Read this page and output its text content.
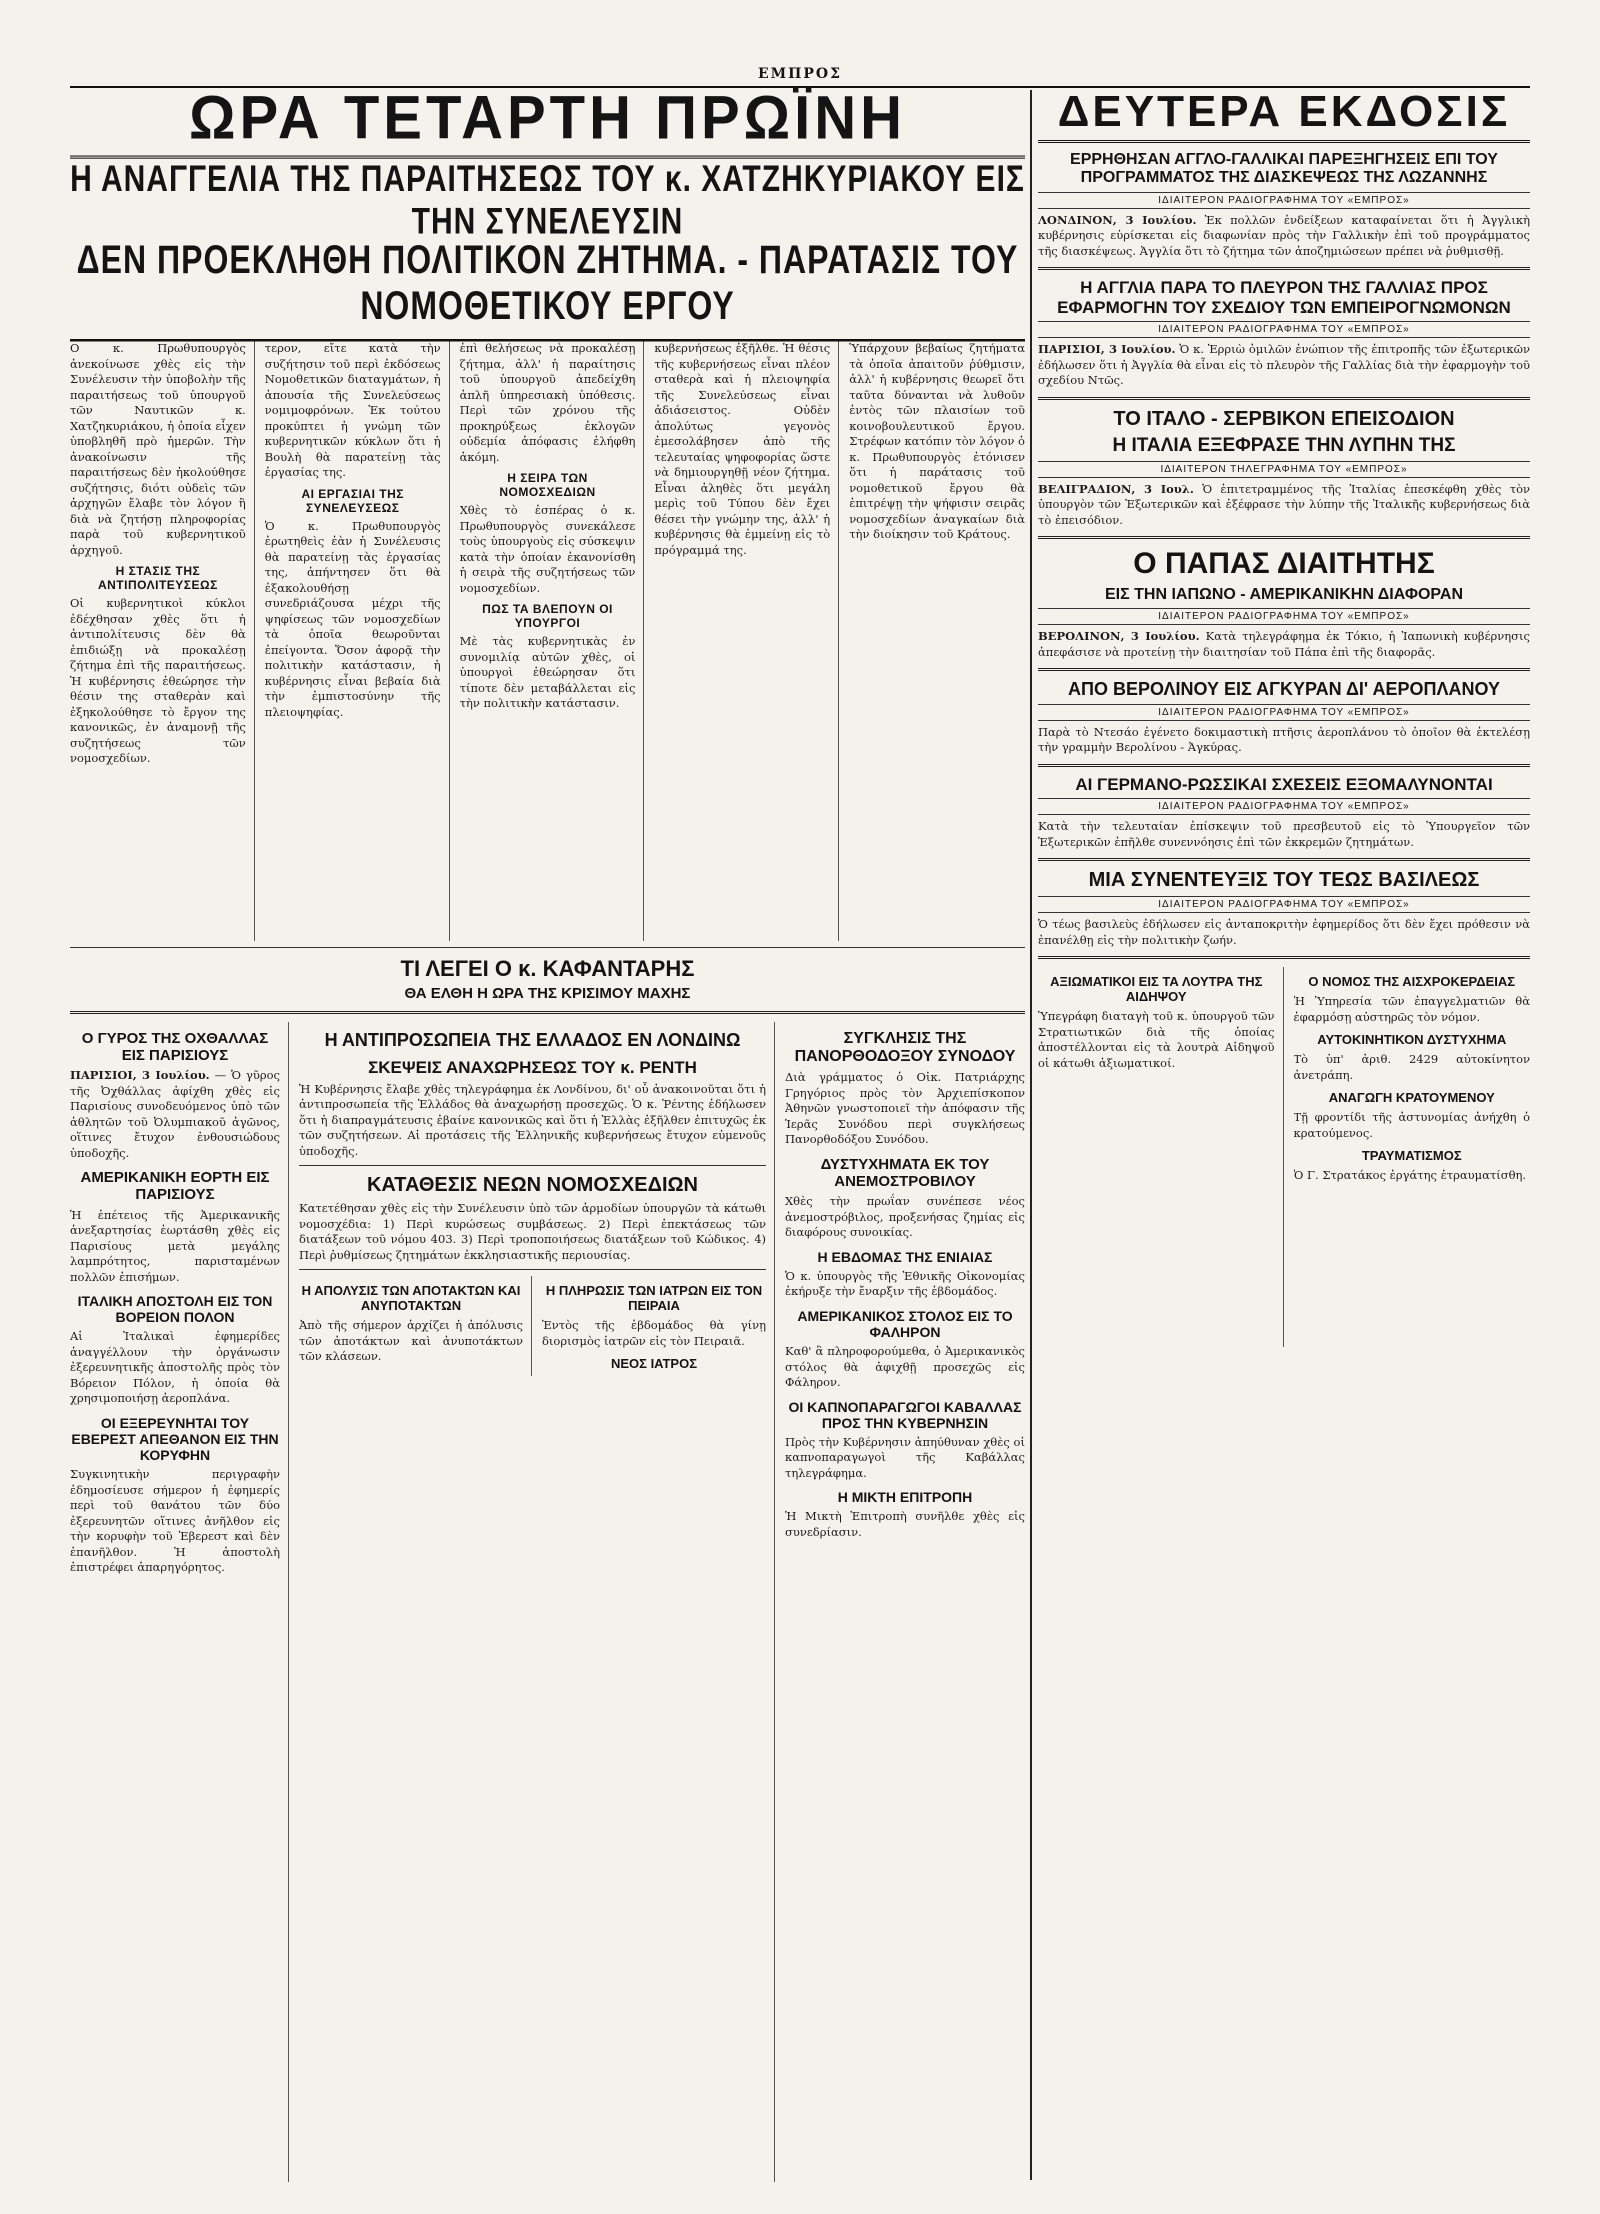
ΕΜΠΡΟΣ
ΩΡΑ ΤΕΤΑΡΤΗ ΠΡΩΪΝΗ
Η ΑΝΑΓΓΕΛΙΑ ΤΗΣ ΠΑΡΑΙΤΗΣΕΩΣ ΤΟΥ κ. ΧΑΤΖΗΚΥΡΙΑΚΟΥ ΕΙΣ ΤΗΝ ΣΥΝΕΛΕΥΣΙΝ
ΔΕΝ ΠΡΟΕΚΛΗΘΗ ΠΟΛΙΤΙΚΟΝ ΖΗΤΗΜΑ. - ΠΑΡΑΤΑΣΙΣ ΤΟΥ ΝΟΜΟΘΕΤΙΚΟΥ ΕΡΓΟΥ

Ο κ. Πρωθυπουργὸς ἀνεκοίνωσε χθὲς εἰς τὴν Συνέλευσιν τὴν ὑποβολὴν τῆς παραιτήσεως τοῦ ὑπουργοῦ τῶν Ναυτικῶν κ. Χατζηκυριάκου, ἡ ὁποία εἶχεν ὑποβληθῆ πρὸ ἡμερῶν. Τὴν ἀνακοίνωσιν τῆς παραιτήσεως δὲν ἠκολούθησε συζήτησις, διότι οὐδεὶς τῶν ἀρχηγῶν ἔλαβε τὸν λόγον ἢ διὰ νὰ ζητήσῃ πληροφορίας παρὰ τοῦ κυβερνητικοῦ ἀρχηγοῦ.

Η ΣΤΑΣΙΣ ΤΗΣ ΑΝΤΙΠΟΛΙΤΕΥΣΕΩΣ

Οἱ κυβερνητικοὶ κύκλοι ἐδέχθησαν χθὲς ὅτι ἡ ἀντιπολίτευσις δὲν θὰ ἐπιδιώξῃ νὰ προκαλέσῃ ζήτημα ἐπὶ τῆς παραιτήσεως. Ἡ κυβέρνησις ἐθεώρησε τὴν θέσιν της σταθερὰν καὶ ἐξηκολούθησε τὸ ἔργον της κανονικῶς, ἐν ἀναμονῇ τῆς συζητήσεως τῶν νομοσχεδίων.

τερον, εἴτε κατὰ τὴν συζήτησιν τοῦ περὶ ἐκδόσεως Νομοθετικῶν διαταγμάτων, ἡ ἀπουσία τῆς Συνελεύσεως νομιμοφρόνων. Ἐκ τούτου προκύπτει ἡ γνώμη τῶν κυβερνητικῶν κύκλων ὅτι ἡ Βουλὴ θὰ παρατείνῃ τὰς ἐργασίας της.

ΑΙ ΕΡΓΑΣΙΑΙ ΤΗΣ ΣΥΝΕΛΕΥΣΕΩΣ

Ὁ κ. Πρωθυπουργὸς ἐρωτηθεὶς ἐὰν ἡ Συνέλευσις θὰ παρατείνῃ τὰς ἐργασίας της, ἀπήντησεν ὅτι θὰ ἐξακολουθήσῃ συνεδριάζουσα μέχρι τῆς ψηφίσεως τῶν νομοσχεδίων τὰ ὁποῖα θεωροῦνται ἐπείγοντα. Ὅσον ἀφορᾷ τὴν πολιτικὴν κατάστασιν, ἡ κυβέρνησις εἶναι βεβαία διὰ τὴν ἐμπιστοσύνην τῆς πλειοψηφίας.

ἐπὶ θελήσεως νὰ προκαλέσῃ ζήτημα, ἀλλ' ἡ παραίτησις τοῦ ὑπουργοῦ ἀπεδείχθη ἁπλῆ ὑπηρεσιακὴ ὑπόθεσις. Περὶ τῶν χρόνου τῆς προκηρύξεως ἐκλογῶν οὐδεμία ἀπόφασις ἐλήφθη ἀκόμη.

Η ΣΕΙΡΑ ΤΩΝ ΝΟΜΟΣΧΕΔΙΩΝ

Χθὲς τὸ ἑσπέρας ὁ κ. Πρωθυπουργὸς συνεκάλεσε τοὺς ὑπουργοὺς εἰς σύσκεψιν κατὰ τὴν ὁποίαν ἐκανονίσθη ἡ σειρὰ τῆς συζητήσεως τῶν νομοσχεδίων.

ΠΩΣ ΤΑ ΒΛΕΠΟΥΝ ΟΙ ΥΠΟΥΡΓΟΙ

Μὲ τὰς κυβερνητικὰς ἐν συνομιλίᾳ αὐτῶν χθὲς, οἱ ὑπουργοὶ ἐθεώρησαν ὅτι τίποτε δὲν μεταβάλλεται εἰς τὴν πολιτικὴν κατάστασιν.

κυβερνήσεως ἐξῆλθε. Ἡ θέσις τῆς κυβερνήσεως εἶναι πλέον σταθερὰ καὶ ἡ πλειοψηφία τῆς Συνελεύσεως εἶναι ἀδιάσειστος. Οὐδὲν ἀπολύτως γεγονὸς ἐμεσολάβησεν ἀπὸ τῆς τελευταίας ψηφοφορίας ὥστε νὰ δημιουργηθῇ νέον ζήτημα. Εἶναι ἀληθὲς ὅτι μεγάλη μερὶς τοῦ Τύπου δὲν ἔχει θέσει τὴν γνώμην της, ἀλλ' ἡ κυβέρνησις θὰ ἐμμείνῃ εἰς τὸ πρόγραμμά της.

Ὑπάρχουν βεβαίως ζητήματα τὰ ὁποῖα ἀπαιτοῦν ῥύθμισιν, ἀλλ' ἡ κυβέρνησις θεωρεῖ ὅτι ταῦτα δύνανται νὰ λυθοῦν ἐντὸς τῶν πλαισίων τοῦ κοινοβουλευτικοῦ ἔργου. Στρέφων κατόπιν τὸν λόγον ὁ κ. Πρωθυπουργὸς ἐτόνισεν ὅτι ἡ παράτασις τοῦ νομοθετικοῦ ἔργου θὰ ἐπιτρέψῃ τὴν ψήφισιν σειρᾶς νομοσχεδίων ἀναγκαίων διὰ τὴν διοίκησιν τοῦ Κράτους.

ΤΙ ΛΕΓΕΙ Ο κ. ΚΑΦΑΝΤΑΡΗΣ
ΘΑ ΕΛΘΗ Η ΩΡΑ ΤΗΣ ΚΡΙΣΙΜΟΥ ΜΑΧΗΣ
Ο ΓΥΡΟΣ ΤΗΣ ΟΧΘΑΛΛΑΣ ΕΙΣ ΠΑΡΙΣΙΟΥΣ

ΠΑΡΙΣΙΟΙ, 3 Ιουλίου. — Ὁ γῦρος τῆς Ὀχθάλλας ἀφίχθη χθὲς εἰς Παρισίους συνοδευόμενος ὑπὸ τῶν ἀθλητῶν τοῦ Ὀλυμπιακοῦ ἀγῶνος, οἵτινες ἔτυχον ἐνθουσιώδους ὑποδοχῆς.

ΑΜΕΡΙΚΑΝΙΚΗ ΕΟΡΤΗ ΕΙΣ ΠΑΡΙΣΙΟΥΣ

Ἡ ἐπέτειος τῆς Ἀμερικανικῆς ἀνεξαρτησίας ἑωρτάσθη χθὲς εἰς Παρισίους μετὰ μεγάλης λαμπρότητος, παρισταμένων πολλῶν ἐπισήμων.

ΙΤΑΛΙΚΗ ΑΠΟΣΤΟΛΗ ΕΙΣ ΤΟΝ ΒΟΡΕΙΟΝ ΠΟΛΟΝ

Αἱ Ἰταλικαὶ ἐφημερίδες ἀναγγέλλουν τὴν ὀργάνωσιν ἐξερευνητικῆς ἀποστολῆς πρὸς τὸν Βόρειον Πόλον, ἡ ὁποία θὰ χρησιμοποιήσῃ ἀεροπλάνα.

ΟΙ ΕΞΕΡΕΥΝΗΤΑΙ ΤΟΥ ΕΒΕΡΕΣΤ ΑΠΕΘΑΝΟΝ ΕΙΣ ΤΗΝ ΚΟΡΥΦΗΝ

Συγκινητικὴν περιγραφὴν ἐδημοσίευσε σήμερον ἡ ἐφημερίς περὶ τοῦ θανάτου τῶν δύο ἐξερευνητῶν οἵτινες ἀνῆλθον εἰς τὴν κορυφὴν τοῦ Ἐβερεστ καὶ δὲν ἐπανῆλθον. Ἡ ἀποστολὴ ἐπιστρέφει ἀπαρηγόρητος.

Η ΑΝΤΙΠΡΟΣΩΠΕΙΑ ΤΗΣ ΕΛΛΑΔΟΣ ΕΝ ΛΟΝΔΙΝΩ
ΣΚΕΨΕΙΣ ΑΝΑΧΩΡΗΣΕΩΣ ΤΟΥ κ. ΡΕΝΤΗ

Ἡ Κυβέρνησις ἔλαβε χθὲς τηλεγράφημα ἐκ Λονδίνου, δι' οὗ ἀνακοινοῦται ὅτι ἡ ἀντιπροσωπεία τῆς Ἑλλάδος θὰ ἀναχωρήσῃ προσεχῶς. Ὁ κ. Ῥέντης ἐδήλωσεν ὅτι ἡ διαπραγμάτευσις ἐβαίνε κανονικῶς καὶ ὅτι ἡ Ἑλλὰς ἐξῆλθεν ἐπιτυχῶς ἐκ τῶν συζητήσεων. Αἱ προτάσεις τῆς Ἑλληνικῆς κυβερνήσεως ἔτυχον εὐμενοῦς ὑποδοχῆς.

ΚΑΤΑΘΕΣΙΣ ΝΕΩΝ ΝΟΜΟΣΧΕΔΙΩΝ

Κατετέθησαν χθὲς εἰς τὴν Συνέλευσιν ὑπὸ τῶν ἁρμοδίων ὑπουργῶν τὰ κάτωθι νομοσχέδια: 1) Περὶ κυρώσεως συμβάσεως. 2) Περὶ ἐπεκτάσεως τῶν διατάξεων τοῦ νόμου 403. 3) Περὶ τροποποιήσεως διατάξεων τοῦ Κώδικος. 4) Περὶ ῥυθμίσεως ζητημάτων ἐκκλησιαστικῆς περιουσίας.

Η ΑΠΟΛΥΣΙΣ ΤΩΝ ΑΠΟΤΑΚΤΩΝ ΚΑΙ ΑΝΥΠΟΤΑΚΤΩΝ

Ἀπὸ τῆς σήμερον ἀρχίζει ἡ ἀπόλυσις τῶν ἀποτάκτων καὶ ἀνυποτάκτων τῶν κλάσεων.

Η ΠΛΗΡΩΣΙΣ ΤΩΝ ΙΑΤΡΩΝ ΕΙΣ ΤΟΝ ΠΕΙΡΑΙΑ

Ἐντὸς τῆς ἑβδομάδος θὰ γίνῃ διορισμὸς ἰατρῶν εἰς τὸν Πειραιᾶ.

ΝΕΟΣ ΙΑΤΡΟΣ
ΣΥΓΚΛΗΣΙΣ ΤΗΣ ΠΑΝΟΡΘΟΔΟΞΟΥ ΣΥΝΟΔΟΥ

Διὰ γράμματος ὁ Οἰκ. Πατριάρχης Γρηγόριος πρὸς τὸν Ἀρχιεπίσκοπον Ἀθηνῶν γνωστοποιεῖ τὴν ἀπόφασιν τῆς Ἱερᾶς Συνόδου περὶ συγκλήσεως Πανορθοδόξου Συνόδου.

ΔΥΣΤΥΧΗΜΑΤΑ ΕΚ ΤΟΥ ΑΝΕΜΟΣΤΡΟΒΙΛΟΥ

Χθὲς τὴν πρωΐαν συνέπεσε νέος ἀνεμοστρόβιλος, προξενήσας ζημίας εἰς διαφόρους συνοικίας.

Η ΕΒΔΟΜΑΣ ΤΗΣ ΕΝΙΑΙΑΣ

Ὁ κ. ὑπουργὸς τῆς Ἐθνικῆς Οἰκονομίας ἐκήρυξε τὴν ἔναρξιν τῆς ἑβδομάδος.

ΑΜΕΡΙΚΑΝΙΚΟΣ ΣΤΟΛΟΣ ΕΙΣ ΤΟ ΦΑΛΗΡΟΝ

Καθ' ἃ πληροφορούμεθα, ὁ Ἀμερικανικὸς στόλος θὰ ἀφιχθῇ προσεχῶς εἰς Φάληρον.

ΟΙ ΚΑΠΝΟΠΑΡΑΓΩΓΟΙ ΚΑΒΑΛΛΑΣ ΠΡΟΣ ΤΗΝ ΚΥΒΕΡΝΗΣΙΝ

Πρὸς τὴν Κυβέρνησιν ἀπηύθυναν χθὲς οἱ καπνοπαραγωγοὶ τῆς Καβάλλας τηλεγράφημα.

Η ΜΙΚΤΗ ΕΠΙΤΡΟΠΗ

Ἡ Μικτὴ Ἐπιτροπὴ συνῆλθε χθὲς εἰς συνεδρίασιν.

ΔΕΥΤΕΡΑ ΕΚΔΟΣΙΣ
ΕΡΡΗΘΗΣΑΝ ΑΓΓΛΟ-ΓΑΛΛΙΚΑΙ ΠΑΡΕΞΗΓΗΣΕΙΣ ΕΠΙ ΤΟΥ ΠΡΟΓΡΑΜΜΑΤΟΣ ΤΗΣ ΔΙΑΣΚΕΨΕΩΣ ΤΗΣ ΛΩΖΑΝΝΗΣ
ΙΔΙΑΙΤΕΡΟΝ ΡΑΔΙΟΓΡΑΦΗΜΑ ΤΟΥ «ΕΜΠΡΟΣ»

ΛΟΝΔΙΝΟΝ, 3 Ιουλίου. Ἐκ πολλῶν ἐνδείξεων καταφαίνεται ὅτι ἡ Ἀγγλικὴ κυβέρνησις εὑρίσκεται εἰς διαφωνίαν πρὸς τὴν Γαλλικὴν ἐπὶ τοῦ προγράμματος τῆς διασκέψεως. Ἀγγλία ὅτι τὸ ζήτημα τῶν ἀποζημιώσεων πρέπει νὰ ῥυθμισθῇ.

Η ΑΓΓΛΙΑ ΠΑΡΑ ΤΟ ΠΛΕΥΡΟΝ ΤΗΣ ΓΑΛΛΙΑΣ ΠΡΟΣ ΕΦΑΡΜΟΓΗΝ ΤΟΥ ΣΧΕΔΙΟΥ ΤΩΝ ΕΜΠΕΙΡΟΓΝΩΜΟΝΩΝ
ΙΔΙΑΙΤΕΡΟΝ ΡΑΔΙΟΓΡΑΦΗΜΑ ΤΟΥ «ΕΜΠΡΟΣ»

ΠΑΡΙΣΙΟΙ, 3 Ιουλίου. Ὁ κ. Ἐρριὼ ὁμιλῶν ἐνώπιον τῆς ἐπιτροπῆς τῶν ἐξωτερικῶν ἐδήλωσεν ὅτι ἡ Ἀγγλία θὰ εἶναι εἰς τὸ πλευρὸν τῆς Γαλλίας διὰ τὴν ἐφαρμογὴν τοῦ σχεδίου Ντῶς.

ΤΟ ΙΤΑΛΟ - ΣΕΡΒΙΚΟΝ ΕΠΕΙΣΟΔΙΟΝ
Η ΙΤΑΛΙΑ ΕΞΕΦΡΑΣΕ ΤΗΝ ΛΥΠΗΝ ΤΗΣ
ΙΔΙΑΙΤΕΡΟΝ ΤΗΛΕΓΡΑΦΗΜΑ ΤΟΥ «ΕΜΠΡΟΣ»

ΒΕΛΙΓΡΑΔΙΟΝ, 3 Ιουλ. Ὁ ἐπιτετραμμένος τῆς Ἰταλίας ἐπεσκέφθη χθὲς τὸν ὑπουργὸν τῶν Ἐξωτερικῶν καὶ ἐξέφρασε τὴν λύπην τῆς Ἰταλικῆς κυβερνήσεως διὰ τὸ ἐπεισόδιον.

Ο ΠΑΠΑΣ ΔΙΑΙΤΗΤΗΣ
ΕΙΣ ΤΗΝ ΙΑΠΩΝΟ - ΑΜΕΡΙΚΑΝΙΚΗΝ ΔΙΑΦΟΡΑΝ
ΙΔΙΑΙΤΕΡΟΝ ΡΑΔΙΟΓΡΑΦΗΜΑ ΤΟΥ «ΕΜΠΡΟΣ»

ΒΕΡΟΛΙΝΟΝ, 3 Ιουλίου. Κατὰ τηλεγράφημα ἐκ Τόκιο, ἡ Ἰαπωνικὴ κυβέρνησις ἀπεφάσισε νὰ προτείνῃ τὴν διαιτησίαν τοῦ Πάπα ἐπὶ τῆς διαφορᾶς.

ΑΠΟ ΒΕΡΟΛΙΝΟΥ ΕΙΣ ΑΓΚΥΡΑΝ ΔΙ' ΑΕΡΟΠΛΑΝΟΥ
ΙΔΙΑΙΤΕΡΟΝ ΡΑΔΙΟΓΡΑΦΗΜΑ ΤΟΥ «ΕΜΠΡΟΣ»

Παρὰ τὸ Ντεσάο ἐγένετο δοκιμαστικὴ πτῆσις ἀεροπλάνου τὸ ὁποῖον θὰ ἐκτελέσῃ τὴν γραμμὴν Βερολίνου - Ἀγκύρας.

ΑΙ ΓΕΡΜΑΝΟ-ΡΩΣΣΙΚΑΙ ΣΧΕΣΕΙΣ ΕΞΟΜΑΛΥΝΟΝΤΑΙ
ΙΔΙΑΙΤΕΡΟΝ ΡΑΔΙΟΓΡΑΦΗΜΑ ΤΟΥ «ΕΜΠΡΟΣ»

Κατὰ τὴν τελευταίαν ἐπίσκεψιν τοῦ πρεσβευτοῦ εἰς τὸ Ὑπουργεῖον τῶν Ἐξωτερικῶν ἐπῆλθε συνεννόησις ἐπὶ τῶν ἐκκρεμῶν ζητημάτων.

ΜΙΑ ΣΥΝΕΝΤΕΥΞΙΣ ΤΟΥ ΤΕΩΣ ΒΑΣΙΛΕΩΣ
ΙΔΙΑΙΤΕΡΟΝ ΡΑΔΙΟΓΡΑΦΗΜΑ ΤΟΥ «ΕΜΠΡΟΣ»

Ὁ τέως βασιλεὺς ἐδήλωσεν εἰς ἀνταποκριτὴν ἐφημερίδος ὅτι δὲν ἔχει πρόθεσιν νὰ ἐπανέλθῃ εἰς τὴν πολιτικὴν ζωήν.

ΑΞΙΩΜΑΤΙΚΟΙ ΕΙΣ ΤΑ ΛΟΥΤΡΑ ΤΗΣ ΑΙΔΗΨΟΥ

Ὑπεγράφη διαταγὴ τοῦ κ. ὑπουργοῦ τῶν Στρατιωτικῶν διὰ τῆς ὁποίας ἀποστέλλονται εἰς τὰ λουτρὰ Αἰδηψοῦ οἱ κάτωθι ἀξιωματικοί.

Ο ΝΟΜΟΣ ΤΗΣ ΑΙΣΧΡΟΚΕΡΔΕΙΑΣ

Ἡ Ὑπηρεσία τῶν ἐπαγγελματιῶν θὰ ἐφαρμόσῃ αὐστηρῶς τὸν νόμον.

ΑΥΤΟΚΙΝΗΤΙΚΟΝ ΔΥΣΤΥΧΗΜΑ

Τὸ ὑπ' ἀριθ. 2429 αὐτοκίνητον ἀνετράπη.

ΑΝΑΓΩΓΗ ΚΡΑΤΟΥΜΕΝΟΥ

Τῇ φροντίδι τῆς ἀστυνομίας ἀνήχθη ὁ κρατούμενος.

ΤΡΑΥΜΑΤΙΣΜΟΣ

Ὁ Γ. Στρατάκος ἐργάτης ἐτραυματίσθη.
